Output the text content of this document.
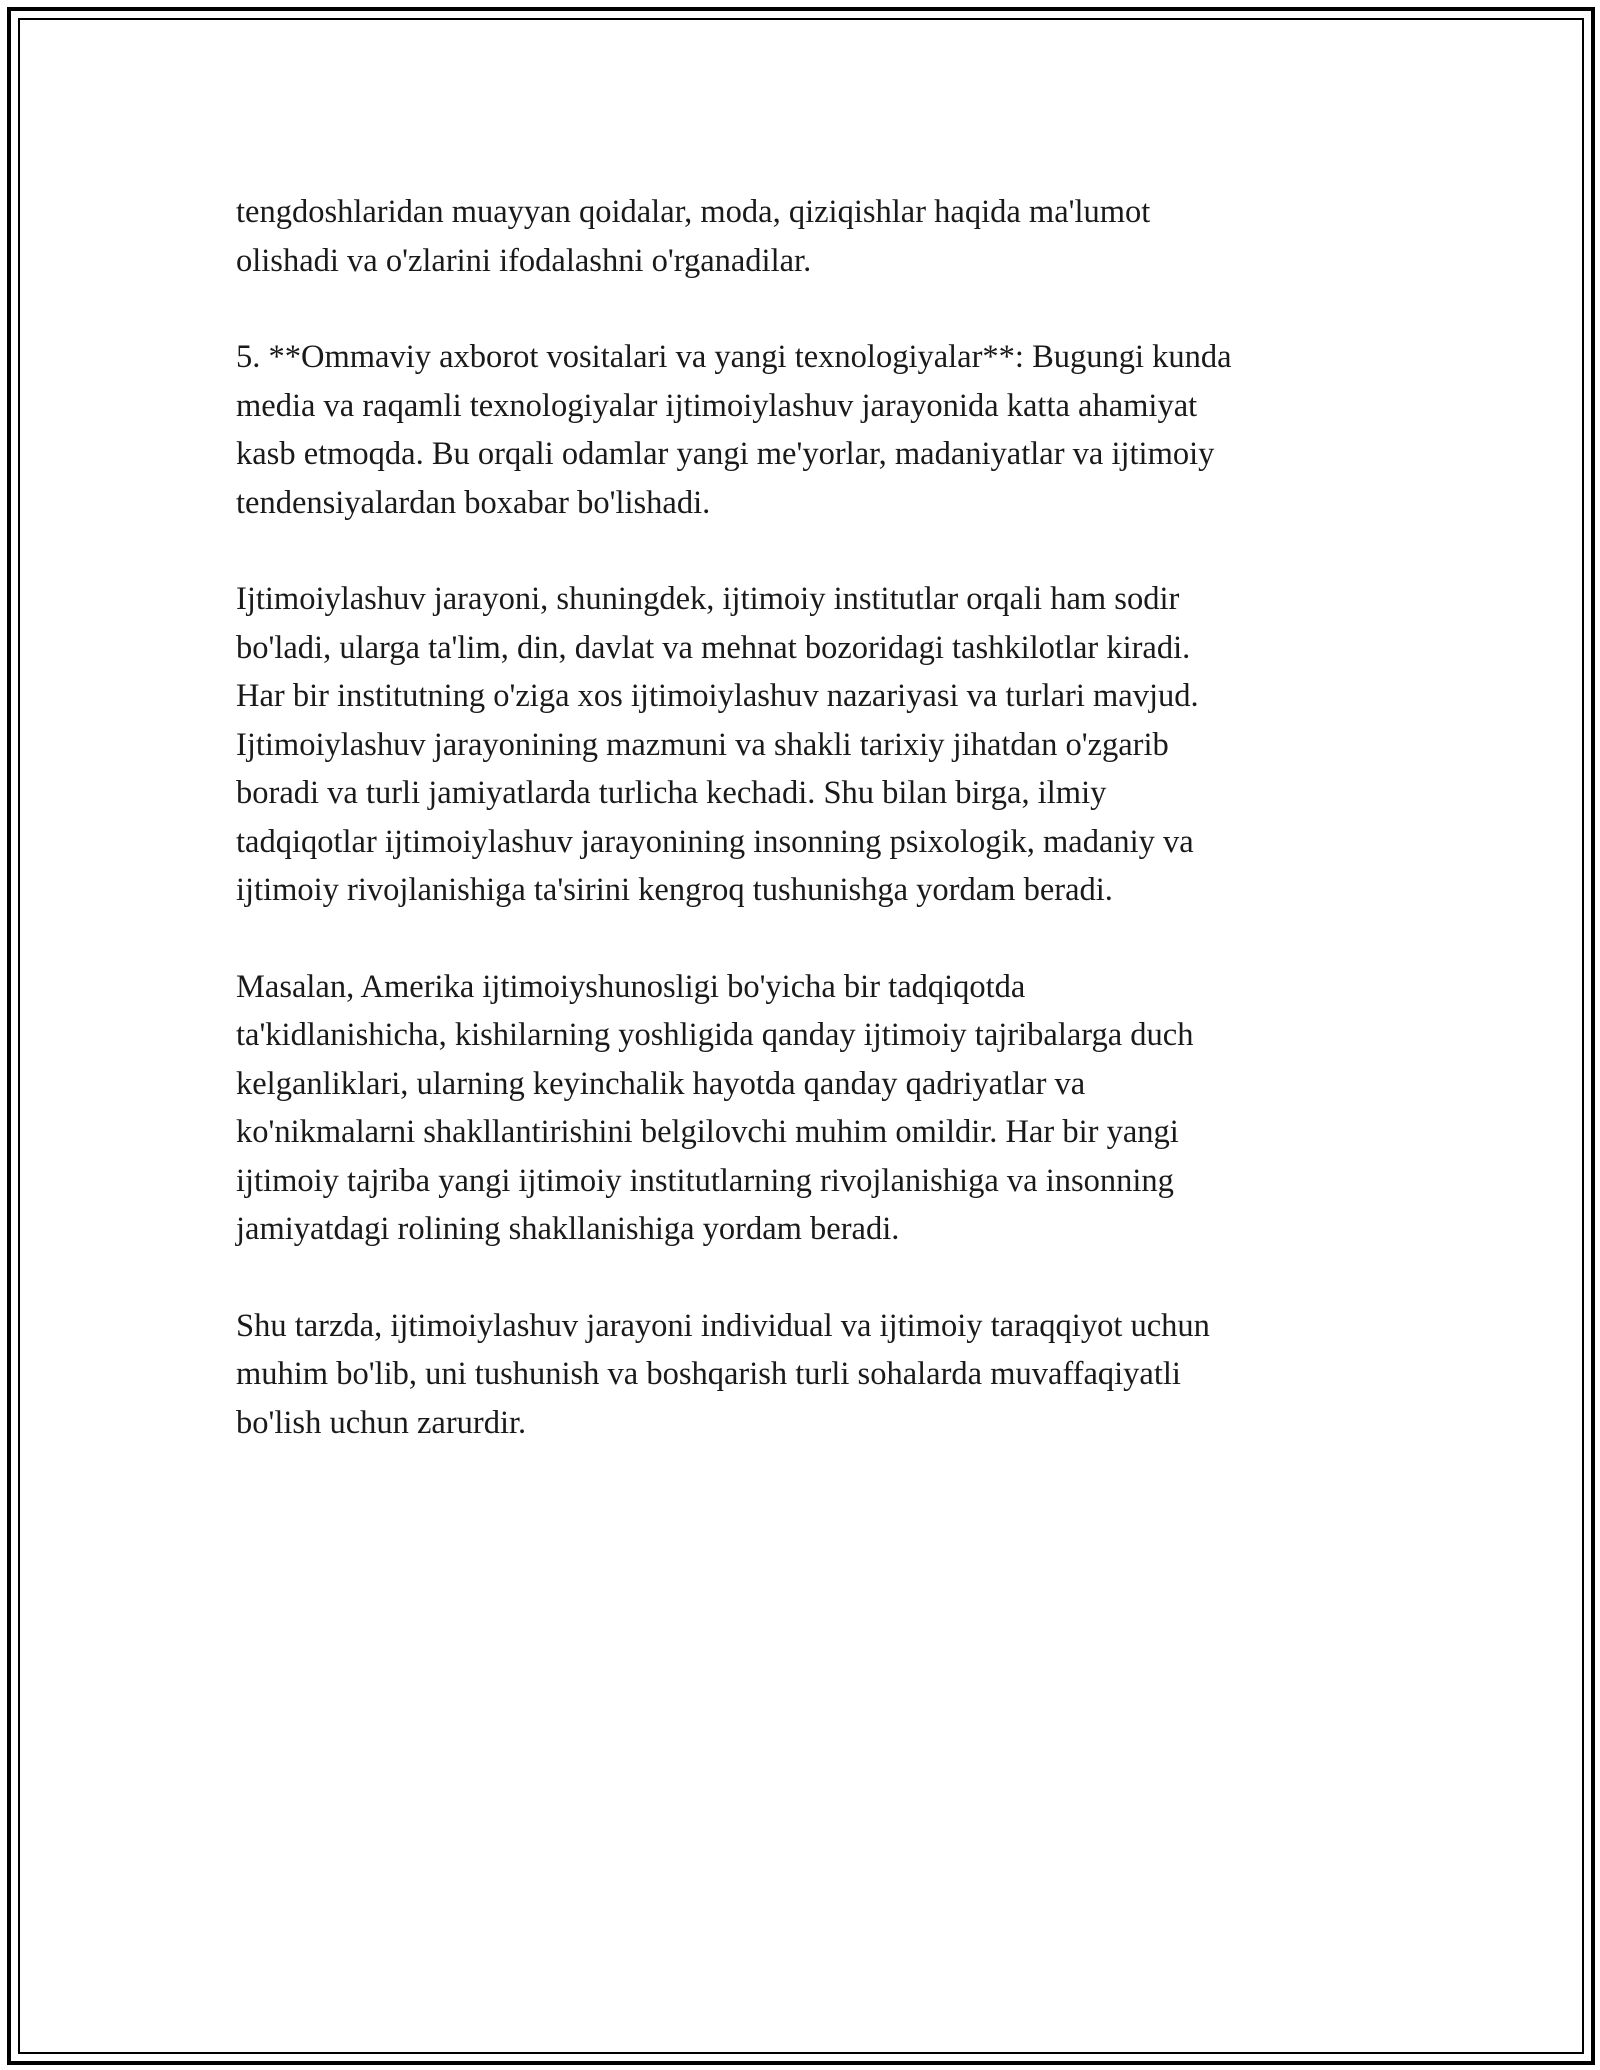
tengdoshlaridan muayyan qoidalar, moda, qiziqishlar haqida ma'lumot
olishadi va o'zlarini ifodalashni o'rganadilar.

5. **Ommaviy axborot vositalari va yangi texnologiyalar**: Bugungi kunda
media va raqamli texnologiyalar ijtimoiylashuv jarayonida katta ahamiyat
kasb etmoqda. Bu orqali odamlar yangi me'yorlar, madaniyatlar va ijtimoiy
tendensiyalardan boxabar bo'lishadi.

Ijtimoiylashuv jarayoni, shuningdek, ijtimoiy institutlar orqali ham sodir
bo'ladi, ularga ta'lim, din, davlat va mehnat bozoridagi tashkilotlar kiradi.
Har bir institutning o'ziga xos ijtimoiylashuv nazariyasi va turlari mavjud.
Ijtimoiylashuv jarayonining mazmuni va shakli tarixiy jihatdan o'zgarib
boradi va turli jamiyatlarda turlicha kechadi. Shu bilan birga, ilmiy
tadqiqotlar ijtimoiylashuv jarayonining insonning psixologik, madaniy va
ijtimoiy rivojlanishiga ta'sirini kengroq tushunishga yordam beradi.

Masalan, Amerika ijtimoiyshunosligi bo'yicha bir tadqiqotda
ta'kidlanishicha, kishilarning yoshligida qanday ijtimoiy tajribalarga duch
kelganliklari, ularning keyinchalik hayotda qanday qadriyatlar va
ko'nikmalarni shakllantirishini belgilovchi muhim omildir. Har bir yangi
ijtimoiy tajriba yangi ijtimoiy institutlarning rivojlanishiga va insonning
jamiyatdagi rolining shakllanishiga yordam beradi.

Shu tarzda, ijtimoiylashuv jarayoni individual va ijtimoiy taraqqiyot uchun
muhim bo'lib, uni tushunish va boshqarish turli sohalarda muvaffaqiyatli
bo'lish uchun zarurdir.
